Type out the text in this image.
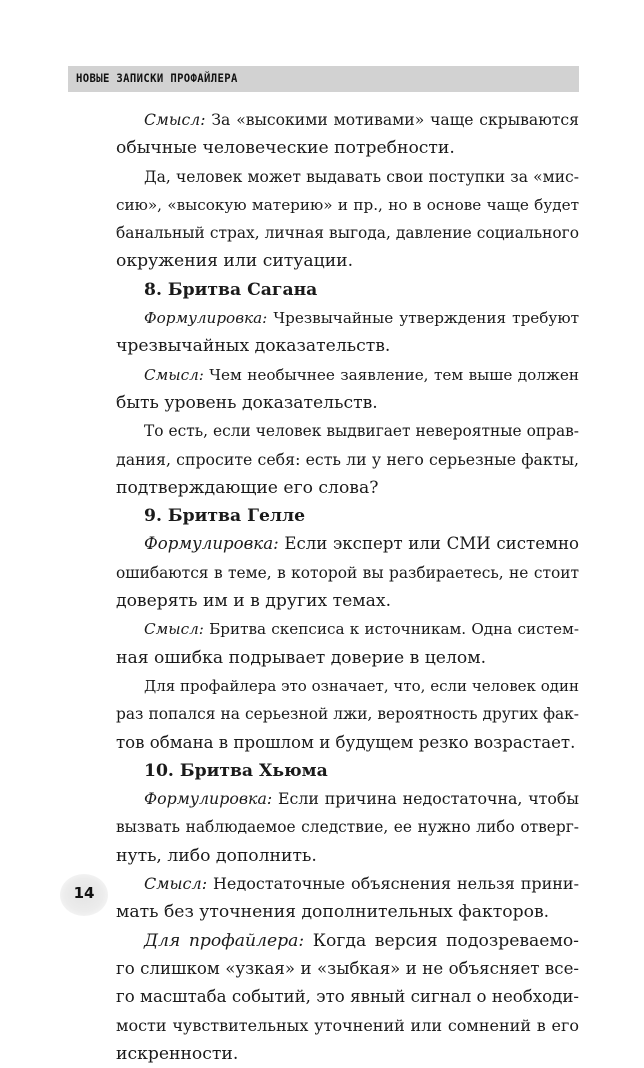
НОВЫЕ ЗАПИСКИ ПРОФАЙЛЕРА
Смысл: За «высокими мотивами» чаще скрываются
обычные человеческие потребности.
Да, человек может выдавать свои поступки за «мис-
сию», «высокую материю» и пр., но в основе чаще будет
банальный страх, личная выгода, давление социального
окружения или ситуации.
8. Бритва Сагана
Формулировка: Чрезвычайные утверждения требуют
чрезвычайных доказательств.
Смысл: Чем необычнее заявление, тем выше должен
быть уровень доказательств.
То есть, если человек выдвигает невероятные оправ-
дания, спросите себя: есть ли у него серьезные факты,
подтверждающие его слова?
9. Бритва Гелле
Формулировка: Если эксперт или СМИ системно
ошибаются в теме, в которой вы разбираетесь, не стоит
доверять им и в других темах.
Смысл: Бритва скепсиса к источникам. Одна систем-
ная ошибка подрывает доверие в целом.
Для профайлера это означает, что, если человек один
раз попался на серьезной лжи, вероятность других фак-
тов обмана в прошлом и будущем резко возрастает.
10. Бритва Хьюма
Формулировка: Если причина недостаточна, чтобы
вызвать наблюдаемое следствие, ее нужно либо отверг-
нуть, либо дополнить.
Смысл: Недостаточные объяснения нельзя прини-
мать без уточнения дополнительных факторов.
Для профайлера: Когда версия подозреваемо-
го слишком «узкая» и «зыбкая» и не объясняет все-
го масштаба событий, это явный сигнал о необходи-
мости чувствительных уточнений или сомнений в его
искренности.
14
